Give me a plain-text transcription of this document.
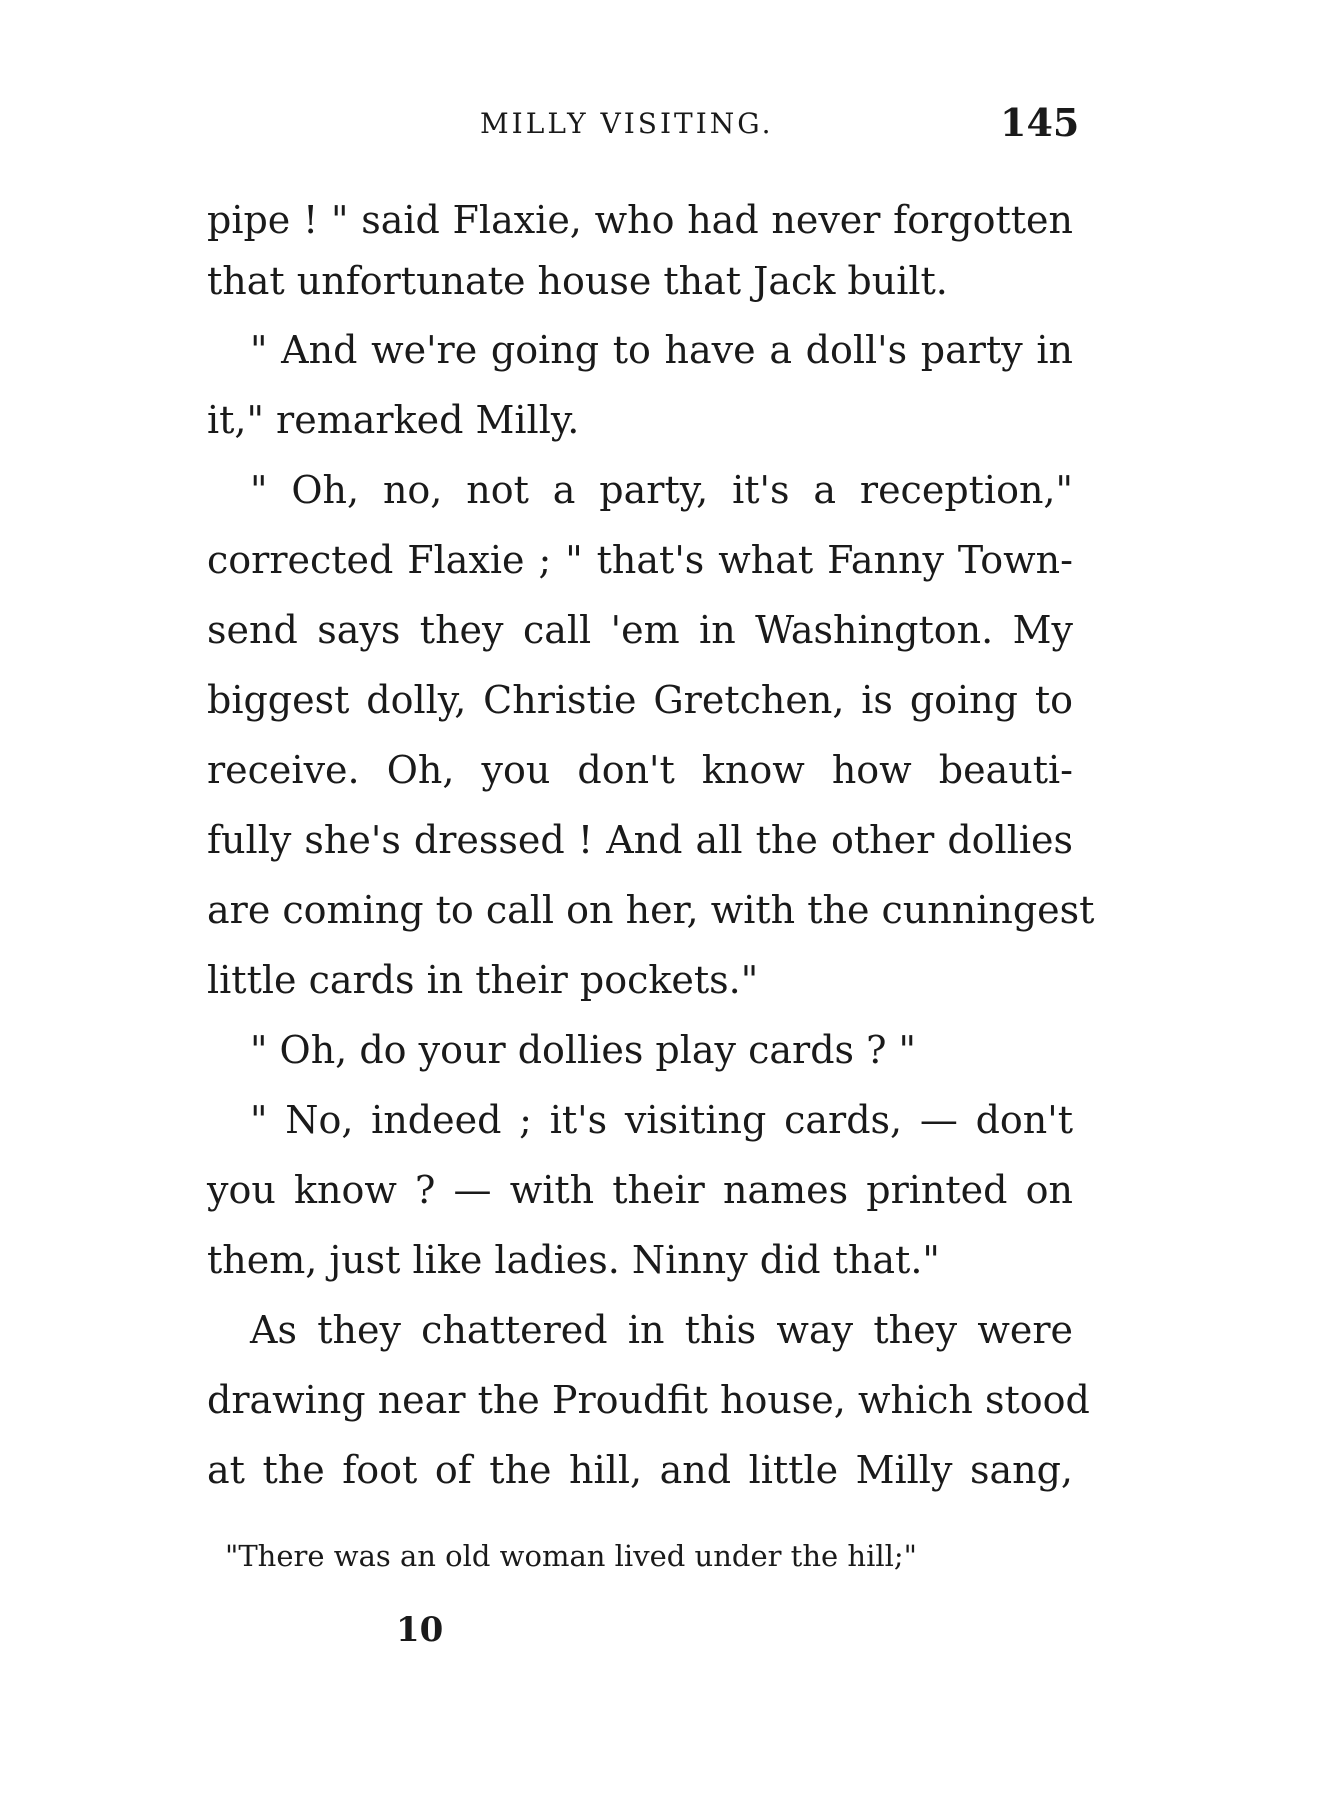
MILLY VISITING.	145
pipe ! " said Flaxie, who had never forgotten
that unfortunate house that Jack built.
" And we're going to have a doll's party in
it," remarked Milly.
" Oh, no, not a party, it's a reception,"
corrected Flaxie ; " that's what Fanny Town-
send says they call 'em in Washington. My
biggest dolly, Christie Gretchen, is going to
receive. Oh, you don't know how beauti-
fully she's dressed ! And all the other dollies
are coming to call on her, with the cunningest
little cards in their pockets."
" Oh, do your dollies play cards ? "
" No, indeed ; it's visiting cards, — don't
you know ? — with their names printed on
them, just like ladies. Ninny did that."
As they chattered in this way they were
drawing near the Proudfit house, which stood
at the foot of the hill, and little Milly sang,
"There was an old woman lived under the hill;"
10
